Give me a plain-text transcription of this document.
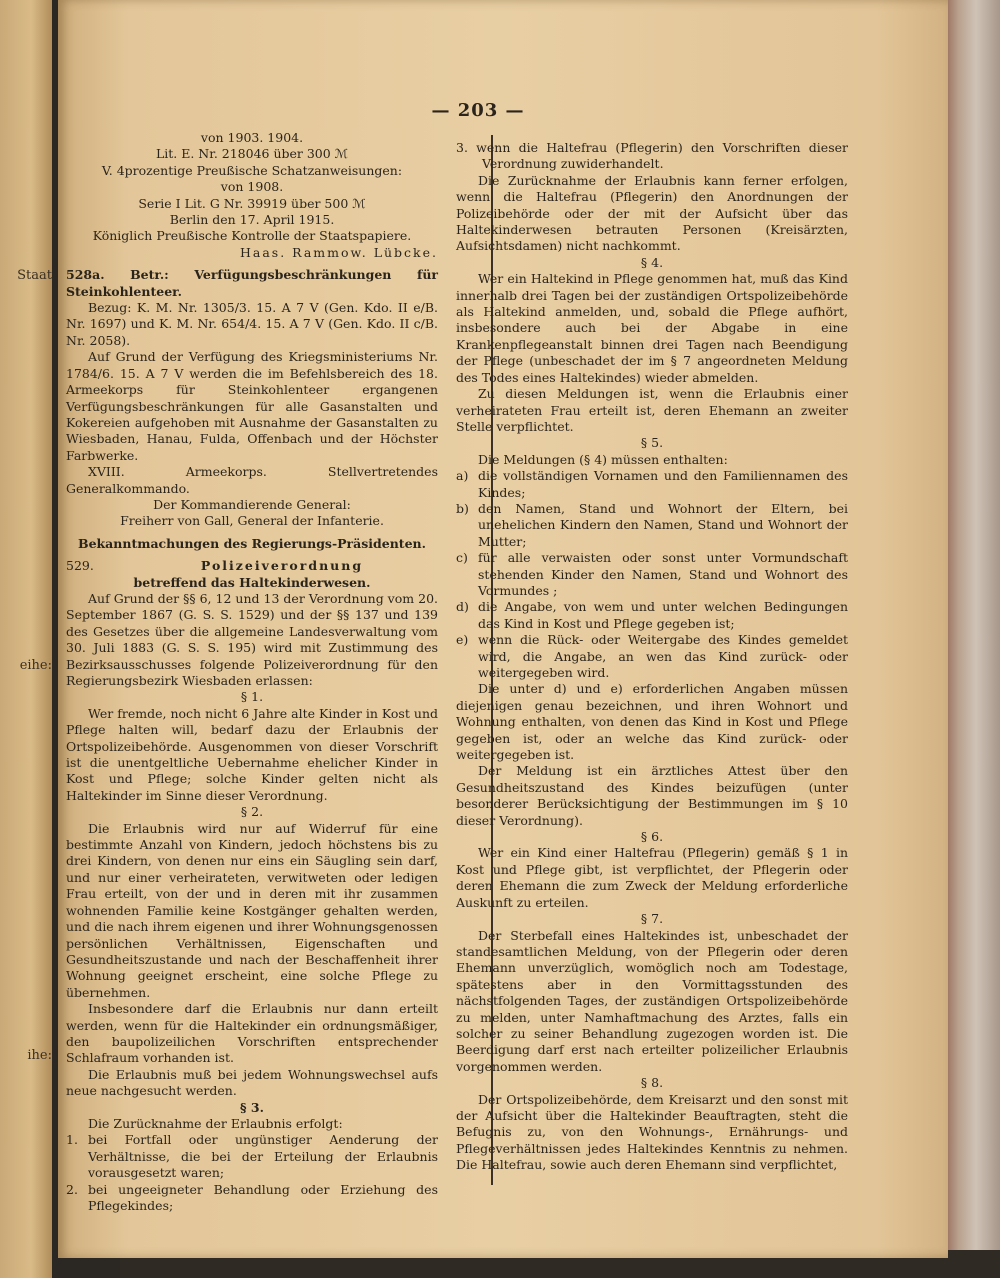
Staat
eihe:
ihe:
— 203 —

von 1903. 1904.

Lit. E. Nr. 218046 über 300 ℳ

V. 4prozentige Preußische Schatzanweisungen:

von 1908.

Serie I Lit. G Nr. 39919 über 500 ℳ

Berlin den 17. April 1915.

Königlich Preußische Kontrolle der Staatspapiere.

Haas. Rammow. Lübcke.

528a. Betr.: Verfügungsbeschränkungen für Steinkohlenteer.

Bezug: K. M. Nr. 1305/3. 15. A 7 V (Gen. Kdo. II e/B. Nr. 1697) und K. M. Nr. 654/4. 15. A 7 V (Gen. Kdo. II c/B. Nr. 2058).

Auf Grund der Verfügung des Kriegsministeriums Nr. 1784/6. 15. A 7 V werden die im Befehlsbereich des 18. Armeekorps für Steinkohlenteer ergangenen Verfügungsbeschränkungen für alle Gasanstalten und Kokereien aufgehoben mit Ausnahme der Gasanstalten zu Wiesbaden, Hanau, Fulda, Offenbach und der Höchster Farbwerke.

XVIII. Armeekorps. Stellvertretendes Generalkommando.

Der Kommandierende General:

Freiherr von Gall, General der Infanterie.

Bekanntmachungen des Regierungs-Präsidenten.

529.	Polizeiverordnung

betreffend das Haltekinderwesen.

Auf Grund der §§ 6, 12 und 13 der Verordnung vom 20. September 1867 (G. S. S. 1529) und der §§ 137 und 139 des Gesetzes über die allgemeine Landesverwaltung vom 30. Juli 1883 (G. S. S. 195) wird mit Zustimmung des Bezirksausschusses folgende Polizeiverordnung für den Regierungsbezirk Wiesbaden erlassen:

§ 1.

Wer fremde, noch nicht 6 Jahre alte Kinder in Kost und Pflege halten will, bedarf dazu der Erlaubnis der Ortspolizeibehörde. Ausgenommen von dieser Vorschrift ist die unentgeltliche Uebernahme ehelicher Kinder in Kost und Pflege; solche Kinder gelten nicht als Haltekinder im Sinne dieser Verordnung.

§ 2.

Die Erlaubnis wird nur auf Widerruf für eine bestimmte Anzahl von Kindern, jedoch höchstens bis zu drei Kindern, von denen nur eins ein Säugling sein darf, und nur einer verheirateten, verwitweten oder ledigen Frau erteilt, von der und in deren mit ihr zusammen wohnenden Familie keine Kostgänger gehalten werden, und die nach ihrem eigenen und ihrer Wohnungsgenossen persönlichen Verhältnissen, Eigenschaften und Gesundheitszustande und nach der Beschaffenheit ihrer Wohnung geeignet erscheint, eine solche Pflege zu übernehmen.

Insbesondere darf die Erlaubnis nur dann erteilt werden, wenn für die Haltekinder ein ordnungsmäßiger, den baupolizeilichen Vorschriften entsprechender Schlafraum vorhanden ist.

Die Erlaubnis muß bei jedem Wohnungswechsel aufs neue nachgesucht werden.

§ 3.

Die Zurücknahme der Erlaubnis erfolgt:

1. bei Fortfall oder ungünstiger Aenderung der Verhältnisse, die bei der Erteilung der Erlaubnis vorausgesetzt waren;
2. bei ungeeigneter Behandlung oder Erziehung des Pflegekindes;

3. wenn die Haltefrau (Pflegerin) den Vorschriften dieser Verordnung zuwiderhandelt.

Die Zurücknahme der Erlaubnis kann ferner erfolgen, wenn die Haltefrau (Pflegerin) den Anordnungen der Polizeibehörde oder der mit der Aufsicht über das Haltekinderwesen betrauten Personen (Kreisärzten, Aufsichtsdamen) nicht nachkommt.

§ 4.

Wer ein Haltekind in Pflege genommen hat, muß das Kind innerhalb drei Tagen bei der zuständigen Ortspolizeibehörde als Haltekind anmelden, und, sobald die Pflege aufhört, insbesondere auch bei der Abgabe in eine Krankenpflegeanstalt binnen drei Tagen nach Beendigung der Pflege (unbeschadet der im § 7 angeordneten Meldung des Todes eines Haltekindes) wieder abmelden.

Zu diesen Meldungen ist, wenn die Erlaubnis einer verheirateten Frau erteilt ist, deren Ehemann an zweiter Stelle verpflichtet.

§ 5.

Die Meldungen (§ 4) müssen enthalten:

a) die vollständigen Vornamen und den Familiennamen des Kindes;
b) den Namen, Stand und Wohnort der Eltern, bei unehelichen Kindern den Namen, Stand und Wohnort der Mutter;
c) für alle verwaisten oder sonst unter Vormundschaft stehenden Kinder den Namen, Stand und Wohnort des Vormundes ;
d) die Angabe, von wem und unter welchen Bedingungen das Kind in Kost und Pflege gegeben ist;
e) wenn die Rück- oder Weitergabe des Kindes gemeldet wird, die Angabe, an wen das Kind zurück- oder weitergegeben wird.

Die unter d) und e) erforderlichen Angaben müssen diejenigen genau bezeichnen, und ihren Wohnort und Wohnung enthalten, von denen das Kind in Kost und Pflege gegeben ist, oder an welche das Kind zurück- oder weitergegeben ist.

Der Meldung ist ein ärztliches Attest über den Gesundheitszustand des Kindes beizufügen (unter besonderer Berücksichtigung der Bestimmungen im § 10 dieser Verordnung).

§ 6.

Wer ein Kind einer Haltefrau (Pflegerin) gemäß § 1 in Kost und Pflege gibt, ist verpflichtet, der Pflegerin oder deren Ehemann die zum Zweck der Meldung erforderliche Auskunft zu erteilen.

§ 7.

Der Sterbefall eines Haltekindes ist, unbeschadet der standesamtlichen Meldung, von der Pflegerin oder deren Ehemann unverzüglich, womöglich noch am Todestage, spätestens aber in den Vormittagsstunden des nächstfolgenden Tages, der zuständigen Ortspolizeibehörde zu melden, unter Namhaftmachung des Arztes, falls ein solcher zu seiner Behandlung zugezogen worden ist. Die Beerdigung darf erst nach erteilter polizeilicher Erlaubnis vorgenommen werden.

§ 8.

Der Ortspolizeibehörde, dem Kreisarzt und den sonst mit der Aufsicht über die Haltekinder Beauftragten, steht die Befugnis zu, von den Wohnungs-, Ernährungs- und Pflegeverhältnissen jedes Haltekindes Kenntnis zu nehmen. Die Haltefrau, sowie auch deren Ehemann sind verpflichtet,
